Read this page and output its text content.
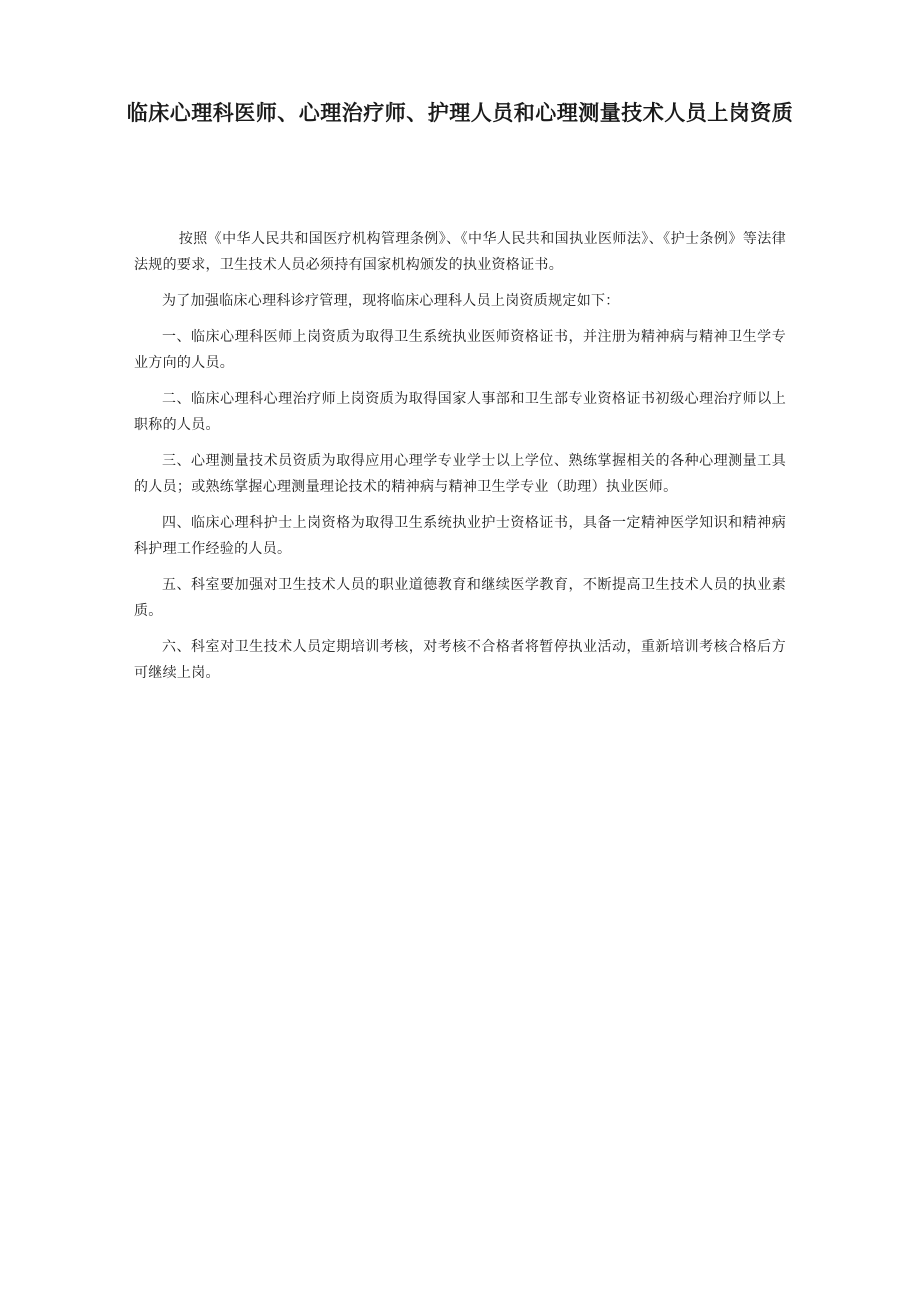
临床心理科医师、心理治疗师、护理人员和心理测量技术人员上岗资质

按照《中华人民共和国医疗机构管理条例》、《中华人民共和国执业医师法》、《护士条例》等法律法规的要求，卫生技术人员必须持有国家机构颁发的执业资格证书。

为了加强临床心理科诊疗管理，现将临床心理科人员上岗资质规定如下：

一、临床心理科医师上岗资质为取得卫生系统执业医师资格证书，并注册为精神病与精神卫生学专业方向的人员。

二、临床心理科心理治疗师上岗资质为取得国家人事部和卫生部专业资格证书初级心理治疗师以上职称的人员。

三、心理测量技术员资质为取得应用心理学专业学士以上学位、熟练掌握相关的各种心理测量工具的人员；或熟练掌握心理测量理论技术的精神病与精神卫生学专业（助理）执业医师。

四、临床心理科护士上岗资格为取得卫生系统执业护士资格证书，具备一定精神医学知识和精神病科护理工作经验的人员。

五、科室要加强对卫生技术人员的职业道德教育和继续医学教育，不断提高卫生技术人员的执业素质。

六、科室对卫生技术人员定期培训考核，对考核不合格者将暂停执业活动，重新培训考核合格后方可继续上岗。
